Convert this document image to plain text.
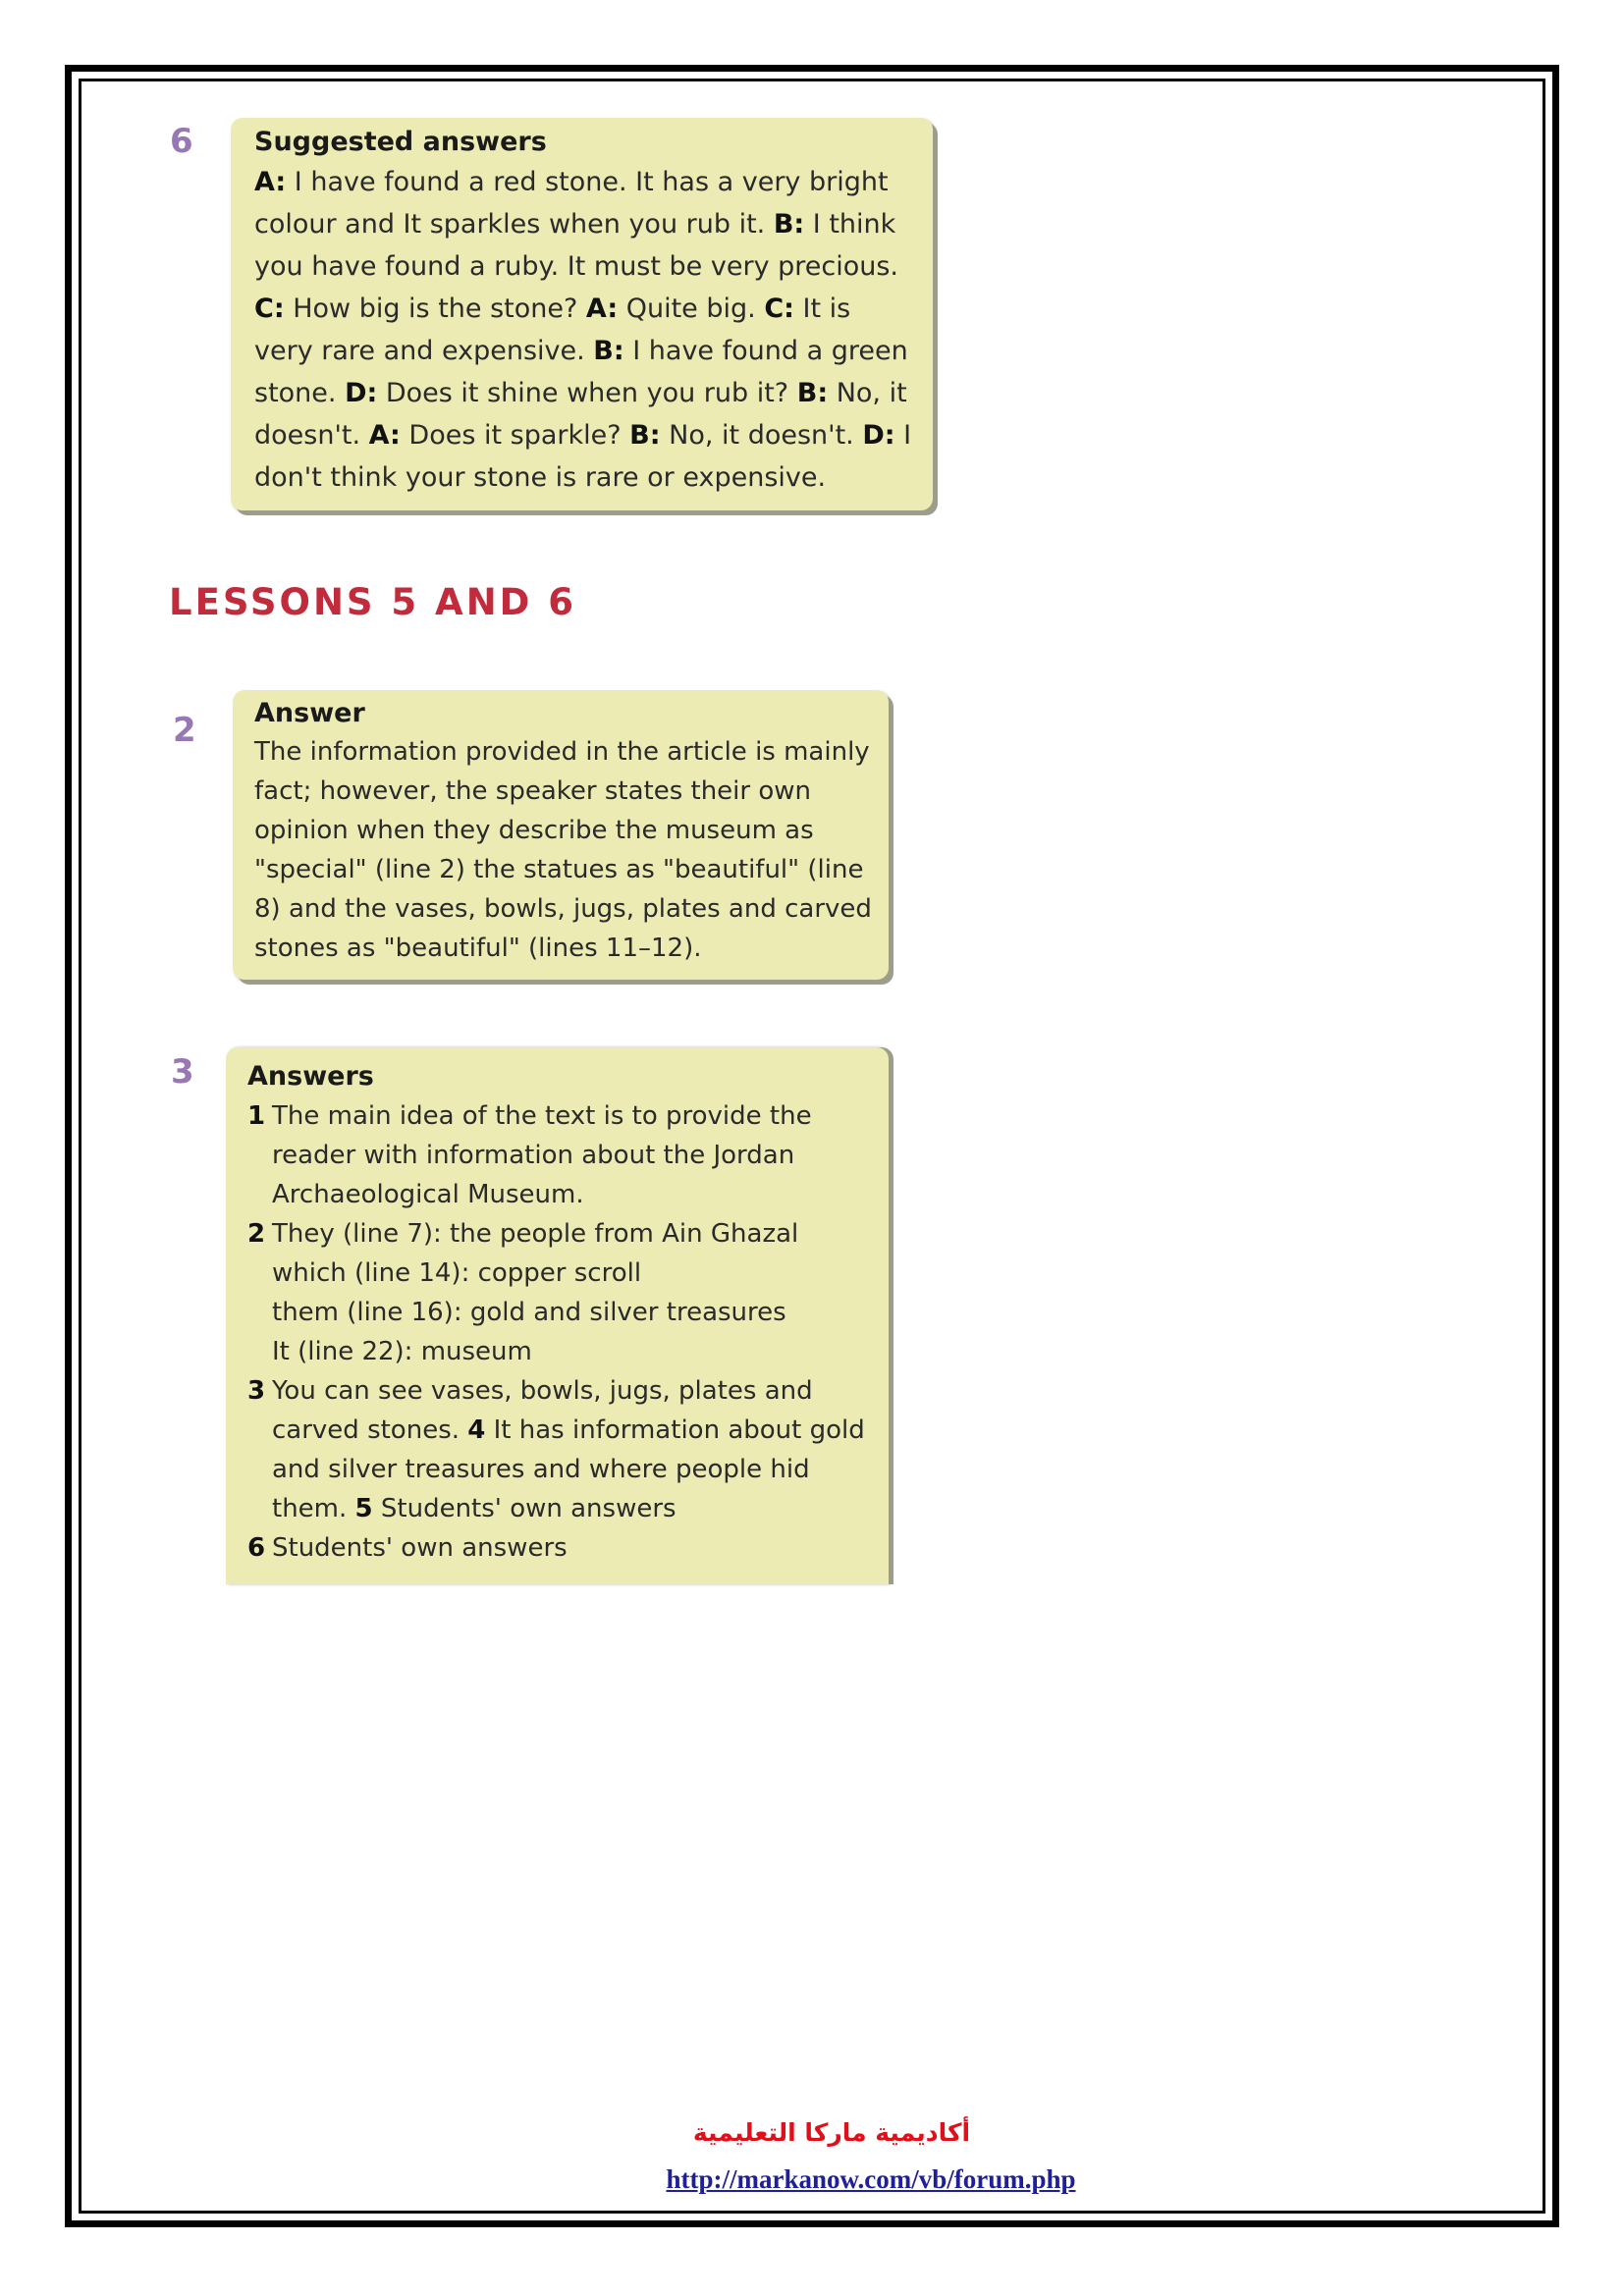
6 Suggested answers

A: I have found a red stone. It has a very bright colour and It sparkles when you rub it. B: I think you have found a ruby. It must be very precious. C: How big is the stone? A: Quite big. C: It is very rare and expensive. B: I have found a green stone. D: Does it shine when you rub it? B: No, it doesn't. A: Does it sparkle? B: No, it doesn't. D: I don't think your stone is rare or expensive.

LESSONS 5 AND 6
2 Answer

The information provided in the article is mainly fact; however, the speaker states their own opinion when they describe the museum as "special" (line 2) the statues as "beautiful" (line 8) and the vases, bowls, jugs, plates and carved stones as "beautiful" (lines 11–12).

3 Answers
1 The main idea of the text is to provide the reader with information about the Jordan Archaeological Museum.
2 They (line 7): the people from Ain Ghazal
which (line 14): copper scroll
them (line 16): gold and silver treasures
It (line 22): museum
3 You can see vases, bowls, jugs, plates and carved stones. 4 It has information about gold and silver treasures and where people hid them. 5 Students' own answers
6 Students' own answers
أكاديمية ماركا التعليمية
http://markanow.com/vb/forum.php
